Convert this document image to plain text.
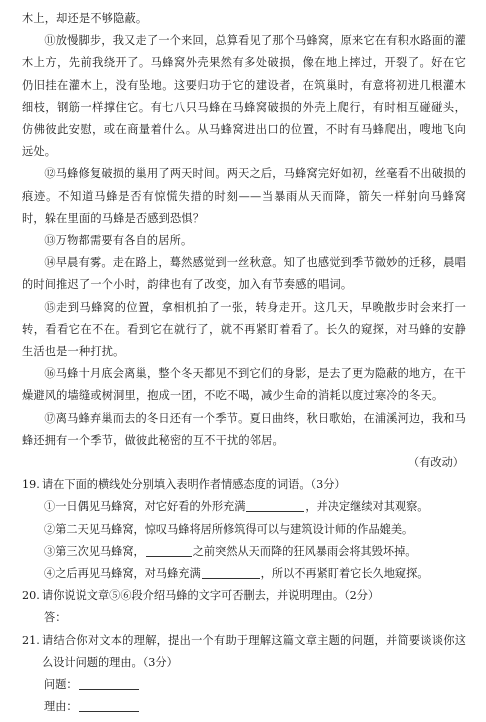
木上，却还是不够隐蔽。

⑪放慢脚步，我又走了一个来回，总算看见了那个马蜂窝，原来它在有积水路面的灌木上方，先前我绕开了。马蜂窝外壳果然有多处破损，像在地上摔过，开裂了。好在它仍旧挂在灌木上，没有坠地。这要归功于它的建设者，在筑巢时，有意将初进几根灌木细枝，钢筋一样撑住它。有七八只马蜂在马蜂窝破损的外壳上爬行，有时相互碰碰头，仿佛彼此安慰，或在商量着什么。从马蜂窝进出口的位置，不时有马蜂爬出，嗖地飞向远处。

⑫马蜂修复破损的巢用了两天时间。两天之后，马蜂窝完好如初，丝毫看不出破损的痕迹。不知道马蜂是否有惊慌失措的时刻——当暴雨从天而降，箭矢一样射向马蜂窝时，躲在里面的马蜂是否感到恐惧？

⑬万物都需要有各自的居所。

⑭早晨有雾。走在路上，蓦然感觉到一丝秋意。知了也感觉到季节微妙的迁移，晨唱的时间推迟了一个小时，韵律也有了改变，加入有节奏感的唱词。

⑮走到马蜂窝的位置，拿相机拍了一张，转身走开。这几天，早晚散步时会来打一转，看看它在不在。看到它在就行了，就不再紧盯着看了。长久的窥探，对马蜂的安静生活也是一种打扰。

⑯马蜂十月底会离巢，整个冬天都见不到它们的身影，是去了更为隐蔽的地方，在干燥避风的墙缝或树洞里，抱成一团，不吃不喝，减少生命的消耗以度过寒冷的冬天。

⑰离马蜂弃巢而去的冬日还有一个季节。夏日曲终，秋日歌始，在浦溪河边，我和马蜂还拥有一个季节，做彼此秘密的互不干扰的邻居。

（有改动）

19. 请在下面的横线处分别填入表明作者情感态度的词语。（3分）

①一日偶见马蜂窝，对它好看的外形充满	，并决定继续对其观察。

②第二天见马蜂窝，惊叹马蜂将居所修筑得可以与建筑设计师的作品媲美。

③第三次见马蜂窝，	之前突然从天而降的狂风暴雨会将其毁坏掉。

④之后再见马蜂窝，对马蜂充满	，所以不再紧盯着它长久地窥探。

20. 请你说说文章⑤⑥段介绍马蜂的文字可否删去，并说明理由。（2分）

答：

21. 请结合你对文本的理解，提出一个有助于理解这篇文章主题的问题，并简要谈谈你这么设计问题的理由。（3分）

问题：

理由：
